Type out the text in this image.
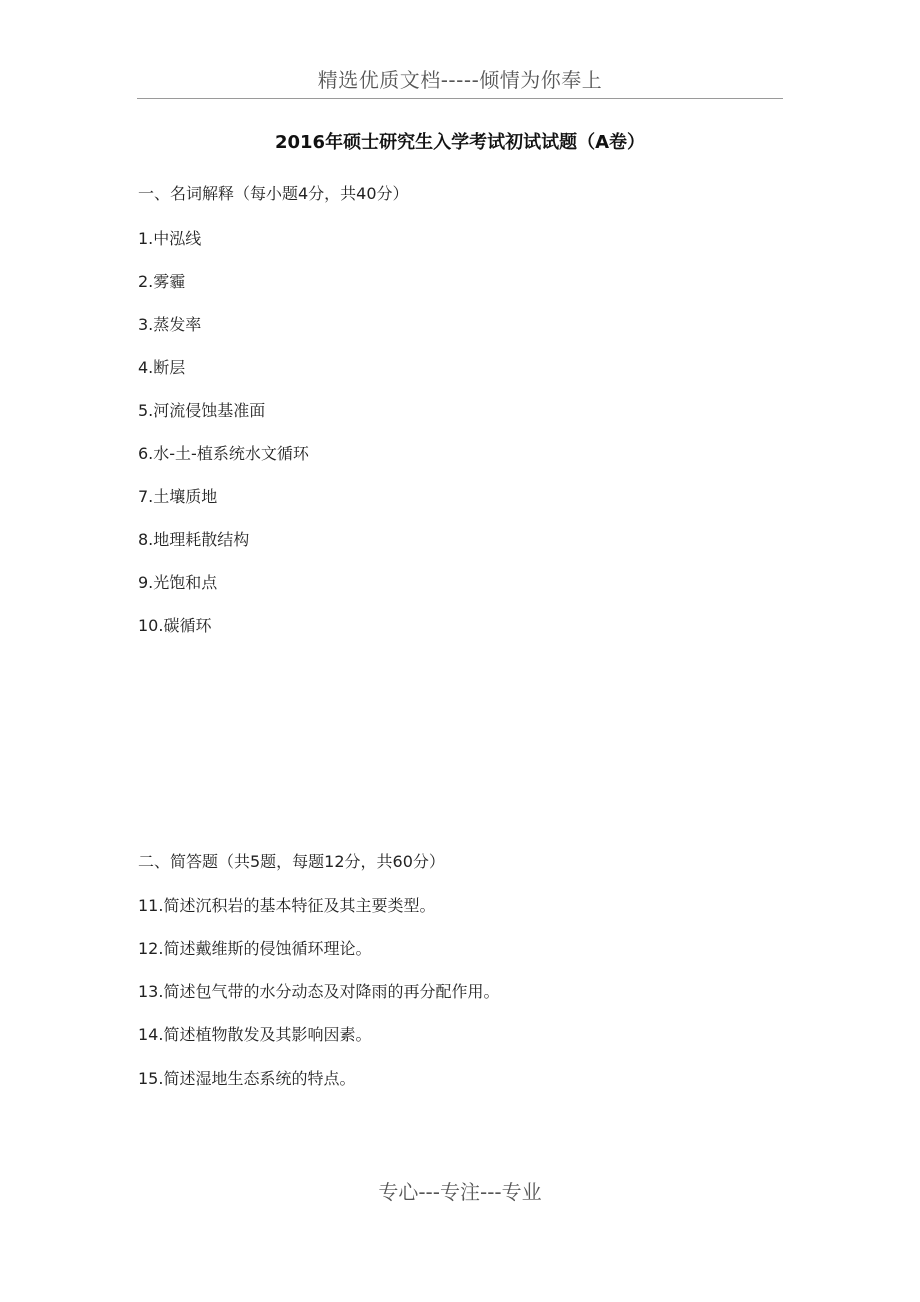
精选优质文档-----倾情为你奉上
2016年硕士研究生入学考试初试试题（A卷）
一、名词解释（每小题4分，共40分）
1.中泓线
2.雾霾
3.蒸发率
4.断层
5.河流侵蚀基准面
6.水-土-植系统水文循环
7.土壤质地
8.地理耗散结构
9.光饱和点
10.碳循环
二、简答题（共5题，每题12分，共60分）
11.简述沉积岩的基本特征及其主要类型。
12.简述戴维斯的侵蚀循环理论。
13.简述包气带的水分动态及对降雨的再分配作用。
14.简述植物散发及其影响因素。
15.简述湿地生态系统的特点。
专心---专注---专业
